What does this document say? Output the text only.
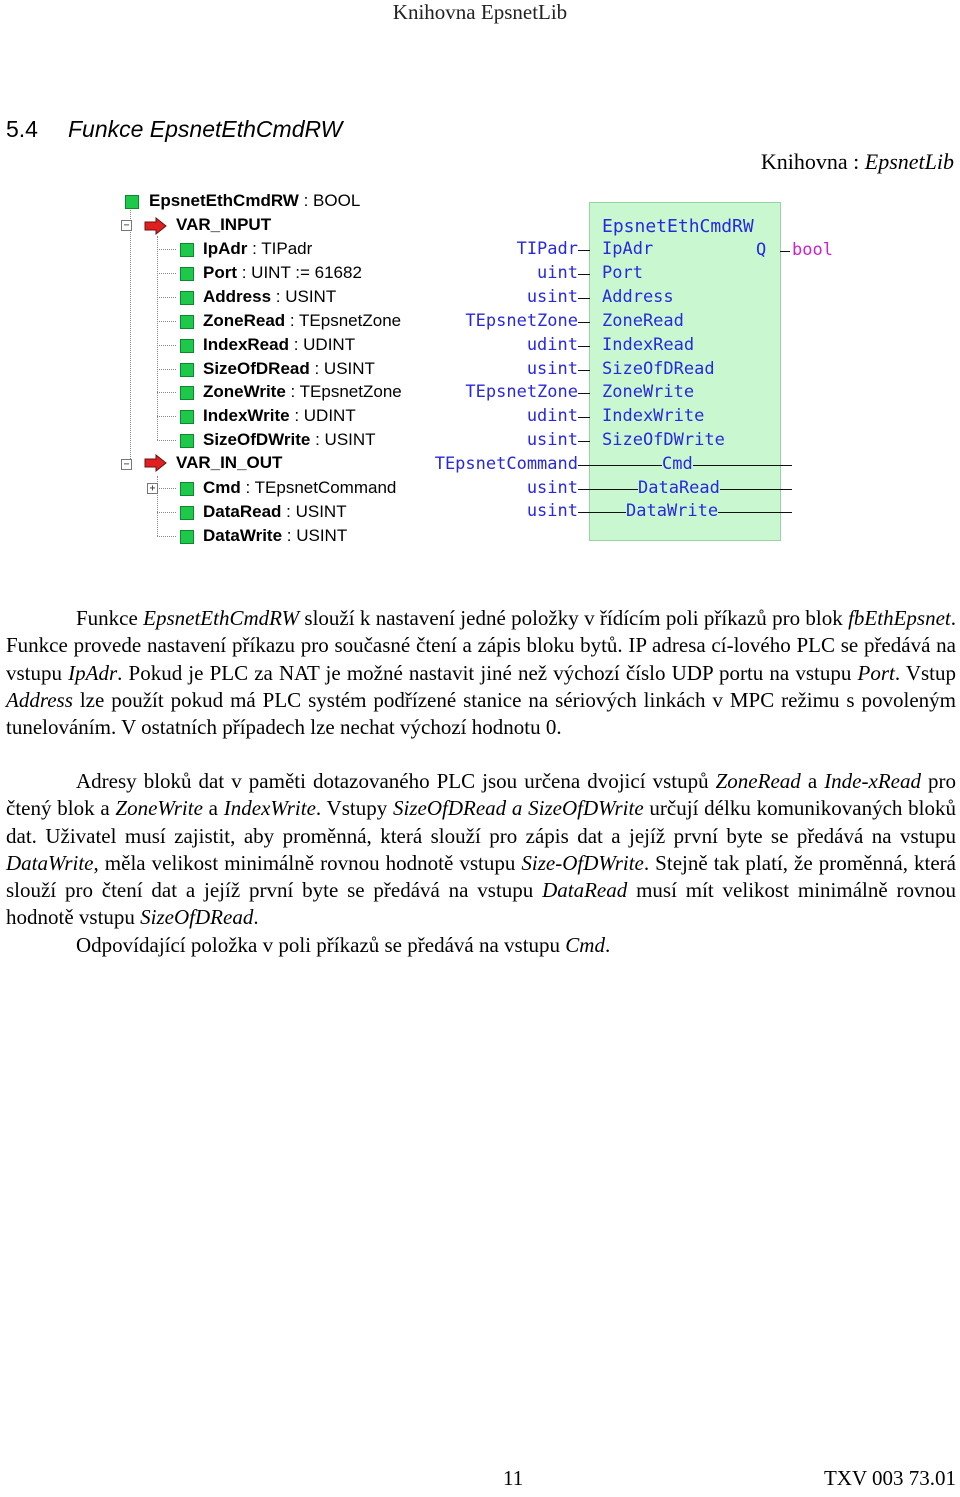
Knihovna EpsnetLib
5.4 Funkce EpsnetEthCmdRW
Knihovna : EpsnetLib
EpsnetEthCmdRW : BOOL
−	VAR_INPUT
IpAdr : TIPadr
Port : UINT := 61682
Address : USINT
ZoneRead : TEpsnetZone
IndexRead : UDINT
SizeOfDRead : USINT
ZoneWrite : TEpsnetZone
IndexWrite : UDINT
SizeOfDWrite : USINT
−	VAR_IN_OUT
+	Cmd : TEpsnetCommand
DataRead : USINT
DataWrite : USINT
EpsnetEthCmdRW
Q bool
TIPadr IpAdr
uint Port
usint Address
TEpsnetZone ZoneRead
udint IndexRead
usint SizeOfDRead
TEpsnetZone ZoneWrite
udint IndexWrite
usint SizeOfDWrite
TEpsnetCommand	Cmd
usint	DataRead
usint	DataWrite
Funkce EpsnetEthCmdRW slouží k nastavení jedné položky v řídícím poli příkazů pro blok fbEthEpsnet. Funkce provede nastavení příkazu pro současné čtení a zápis bloku bytů. IP adresa cí-lového PLC se předává na vstupu IpAdr. Pokud je PLC za NAT je možné nastavit jiné než výchozí číslo UDP portu na vstupu Port. Vstup Address lze použít pokud má PLC systém podřízené stanice na sériových linkách v MPC režimu s povoleným tunelováním. V ostatních případech lze nechat výchozí hodnotu 0.
Adresy bloků dat v paměti dotazovaného PLC jsou určena dvojicí vstupů ZoneRead a Inde-xRead pro čtený blok a ZoneWrite a IndexWrite. Vstupy SizeOfDRead a SizeOfDWrite určují délku komunikovaných bloků dat. Uživatel musí zajistit, aby proměnná, která slouží pro zápis dat a jejíž první byte se předává na vstupu DataWrite, měla velikost minimálně rovnou hodnotě vstupu Size-OfDWrite. Stejně tak platí, že proměnná, která slouží pro čtení dat a jejíž první byte se předává na vstupu DataRead musí mít velikost minimálně rovnou hodnotě vstupu SizeOfDRead.
Odpovídající položka v poli příkazů se předává na vstupu Cmd.
11	TXV 003 73.01
